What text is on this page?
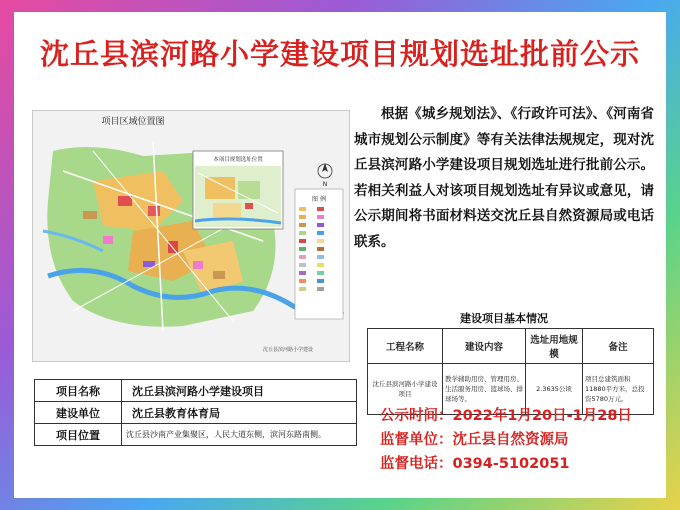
沈丘县滨河路小学建设项目规划选址批前公示
N
图 例
本项目规划选址位置
沈丘县滨河路小学建设
项目区域位置图	根据《城乡规划法》、《行政许可法》、《河南省城市规划公示制度》等有关法律法规规定，现对沈丘县滨河路小学建设项目规划选址进行批前公示。若相关利益人对该项目规划选址有异议或意见，请公示期间将书面材料送交沈丘县自然资源局或电话联系。

建设项目基本情况
工程名称	建设内容	选址用地规模	备注
沈丘县滨河路小学建设项目	教学辅助用房、管理用房、生活服务用房、篮球场、排球场等。	2.3635公顷	项目总建筑面积11880平方米，总投资5780万元。
项目名称	沈丘县滨河路小学建设项目
建设单位	沈丘县教育体育局
项目位置	沈丘县沙南产业集聚区，人民大道东侧，滨河东路南侧。
公示时间：2022年1月20日-1月28日
监督单位：沈丘县自然资源局
监督电话：0394-5102051
